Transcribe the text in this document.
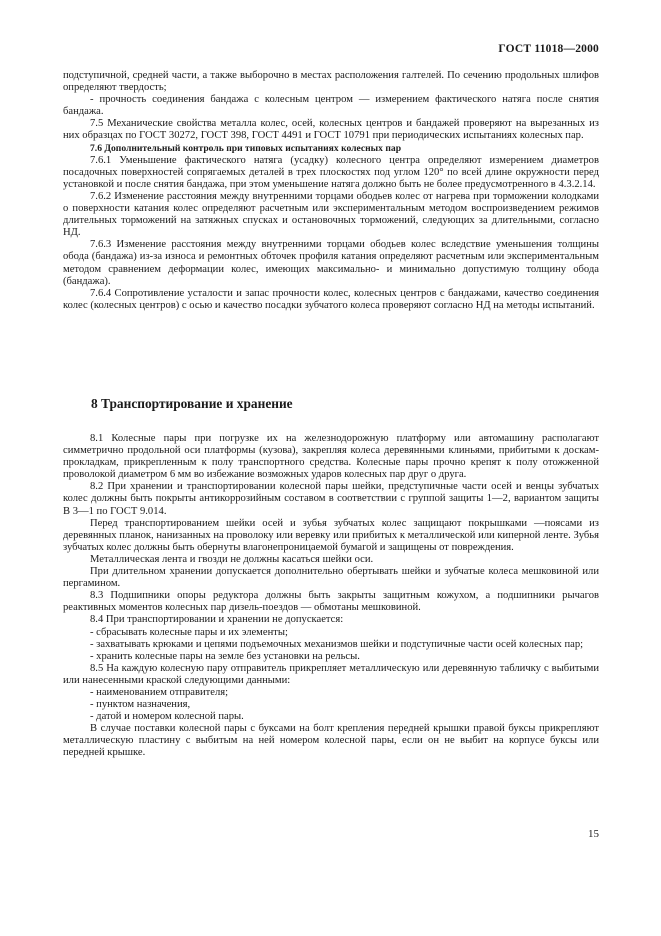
ГОСТ 11018—2000

подступичной, средней части, а также выборочно в местах расположения галтелей. По сечению продольных шлифов определяют твердость;

- прочность соединения бандажа с колесным центром — измерением фактического натяга после снятия бандажа.

7.5 Механические свойства металла колес, осей, колесных центров и бандажей проверяют на вырезанных из них образцах по ГОСТ 30272, ГОСТ 398, ГОСТ 4491 и ГОСТ 10791 при периодических испытаниях колесных пар.

7.6 Дополнительный контроль при типовых испытаниях колесных пар

7.6.1 Уменьшение фактического натяга (усадку) колесного центра определяют измерением диаметров посадочных поверхностей сопрягаемых деталей в трех плоскостях под углом 120° по всей длине окружности перед установкой и после снятия бандажа, при этом уменьшение натяга должно быть не более предусмотренного в 4.3.2.14.

7.6.2 Изменение расстояния между внутренними торцами ободьев колес от нагрева при торможении колодками о поверхности катания колес определяют расчетным или экспериментальным методом воспроизведением режимов длительных торможений на затяжных спусках и остановочных торможений, следующих за длительными, согласно НД.

7.6.3 Изменение расстояния между внутренними торцами ободьев колес вследствие уменьшения толщины обода (бандажа) из-за износа и ремонтных обточек профиля катания определяют расчетным или экспериментальным методом сравнением деформации колес, имеющих максимально- и минимально допустимую толщину обода (бандажа).

7.6.4 Сопротивление усталости и запас прочности колес, колесных центров с бандажами, качество соединения колес (колесных центров) с осью и качество посадки зубчатого колеса проверяют согласно НД на методы испытаний.

8 Транспортирование и хранение

8.1 Колесные пары при погрузке их на железнодорожную платформу или автомашину располагают симметрично продольной оси платформы (кузова), закрепляя колеса деревянными клиньями, прибитыми к доскам-прокладкам, прикрепленным к полу транспортного средства. Колесные пары прочно крепят к полу отожженной проволокой диаметром 6 мм во избежание возможных ударов колесных пар друг о друга.

8.2 При хранении и транспортировании колесной пары шейки, предступичные части осей и венцы зубчатых колес должны быть покрыты антикоррозийным составом в соответствии с группой защиты 1—2, вариантом защиты В 3—1 по ГОСТ 9.014.

Перед транспортированием шейки осей и зубья зубчатых колес защищают покрышками —поясами из деревянных планок, нанизанных на проволоку или веревку или прибитых к металлической или киперной ленте. Зубья зубчатых колес должны быть обернуты влагонепроницаемой бумагой и защищены от повреждения.

Металлическая лента и гвозди не должны касаться шейки оси.

При длительном хранении допускается дополнительно обертывать шейки и зубчатые колеса мешковиной или пергамином.

8.3 Подшипники опоры редуктора должны быть закрыты защитным кожухом, а подшипники рычагов реактивных моментов колесных пар дизель-поездов — обмотаны мешковиной.

8.4 При транспортировании и хранении не допускается:

- сбрасывать колесные пары и их элементы;

- захватывать крюками и цепями подъемочных механизмов шейки и подступичные части осей колесных пар;

- хранить колесные пары на земле без установки на рельсы.

8.5 На каждую колесную пару отправитель прикрепляет металлическую или деревянную табличку с выбитыми или нанесенными краской следующими данными:

- наименованием отправителя;

- пунктом назначения,

- датой и номером колесной пары.

В случае поставки колесной пары с буксами на болт крепления передней крышки правой буксы прикрепляют металлическую пластину с выбитым на ней номером колесной пары, если он не выбит на корпусе буксы или передней крышке.

15
